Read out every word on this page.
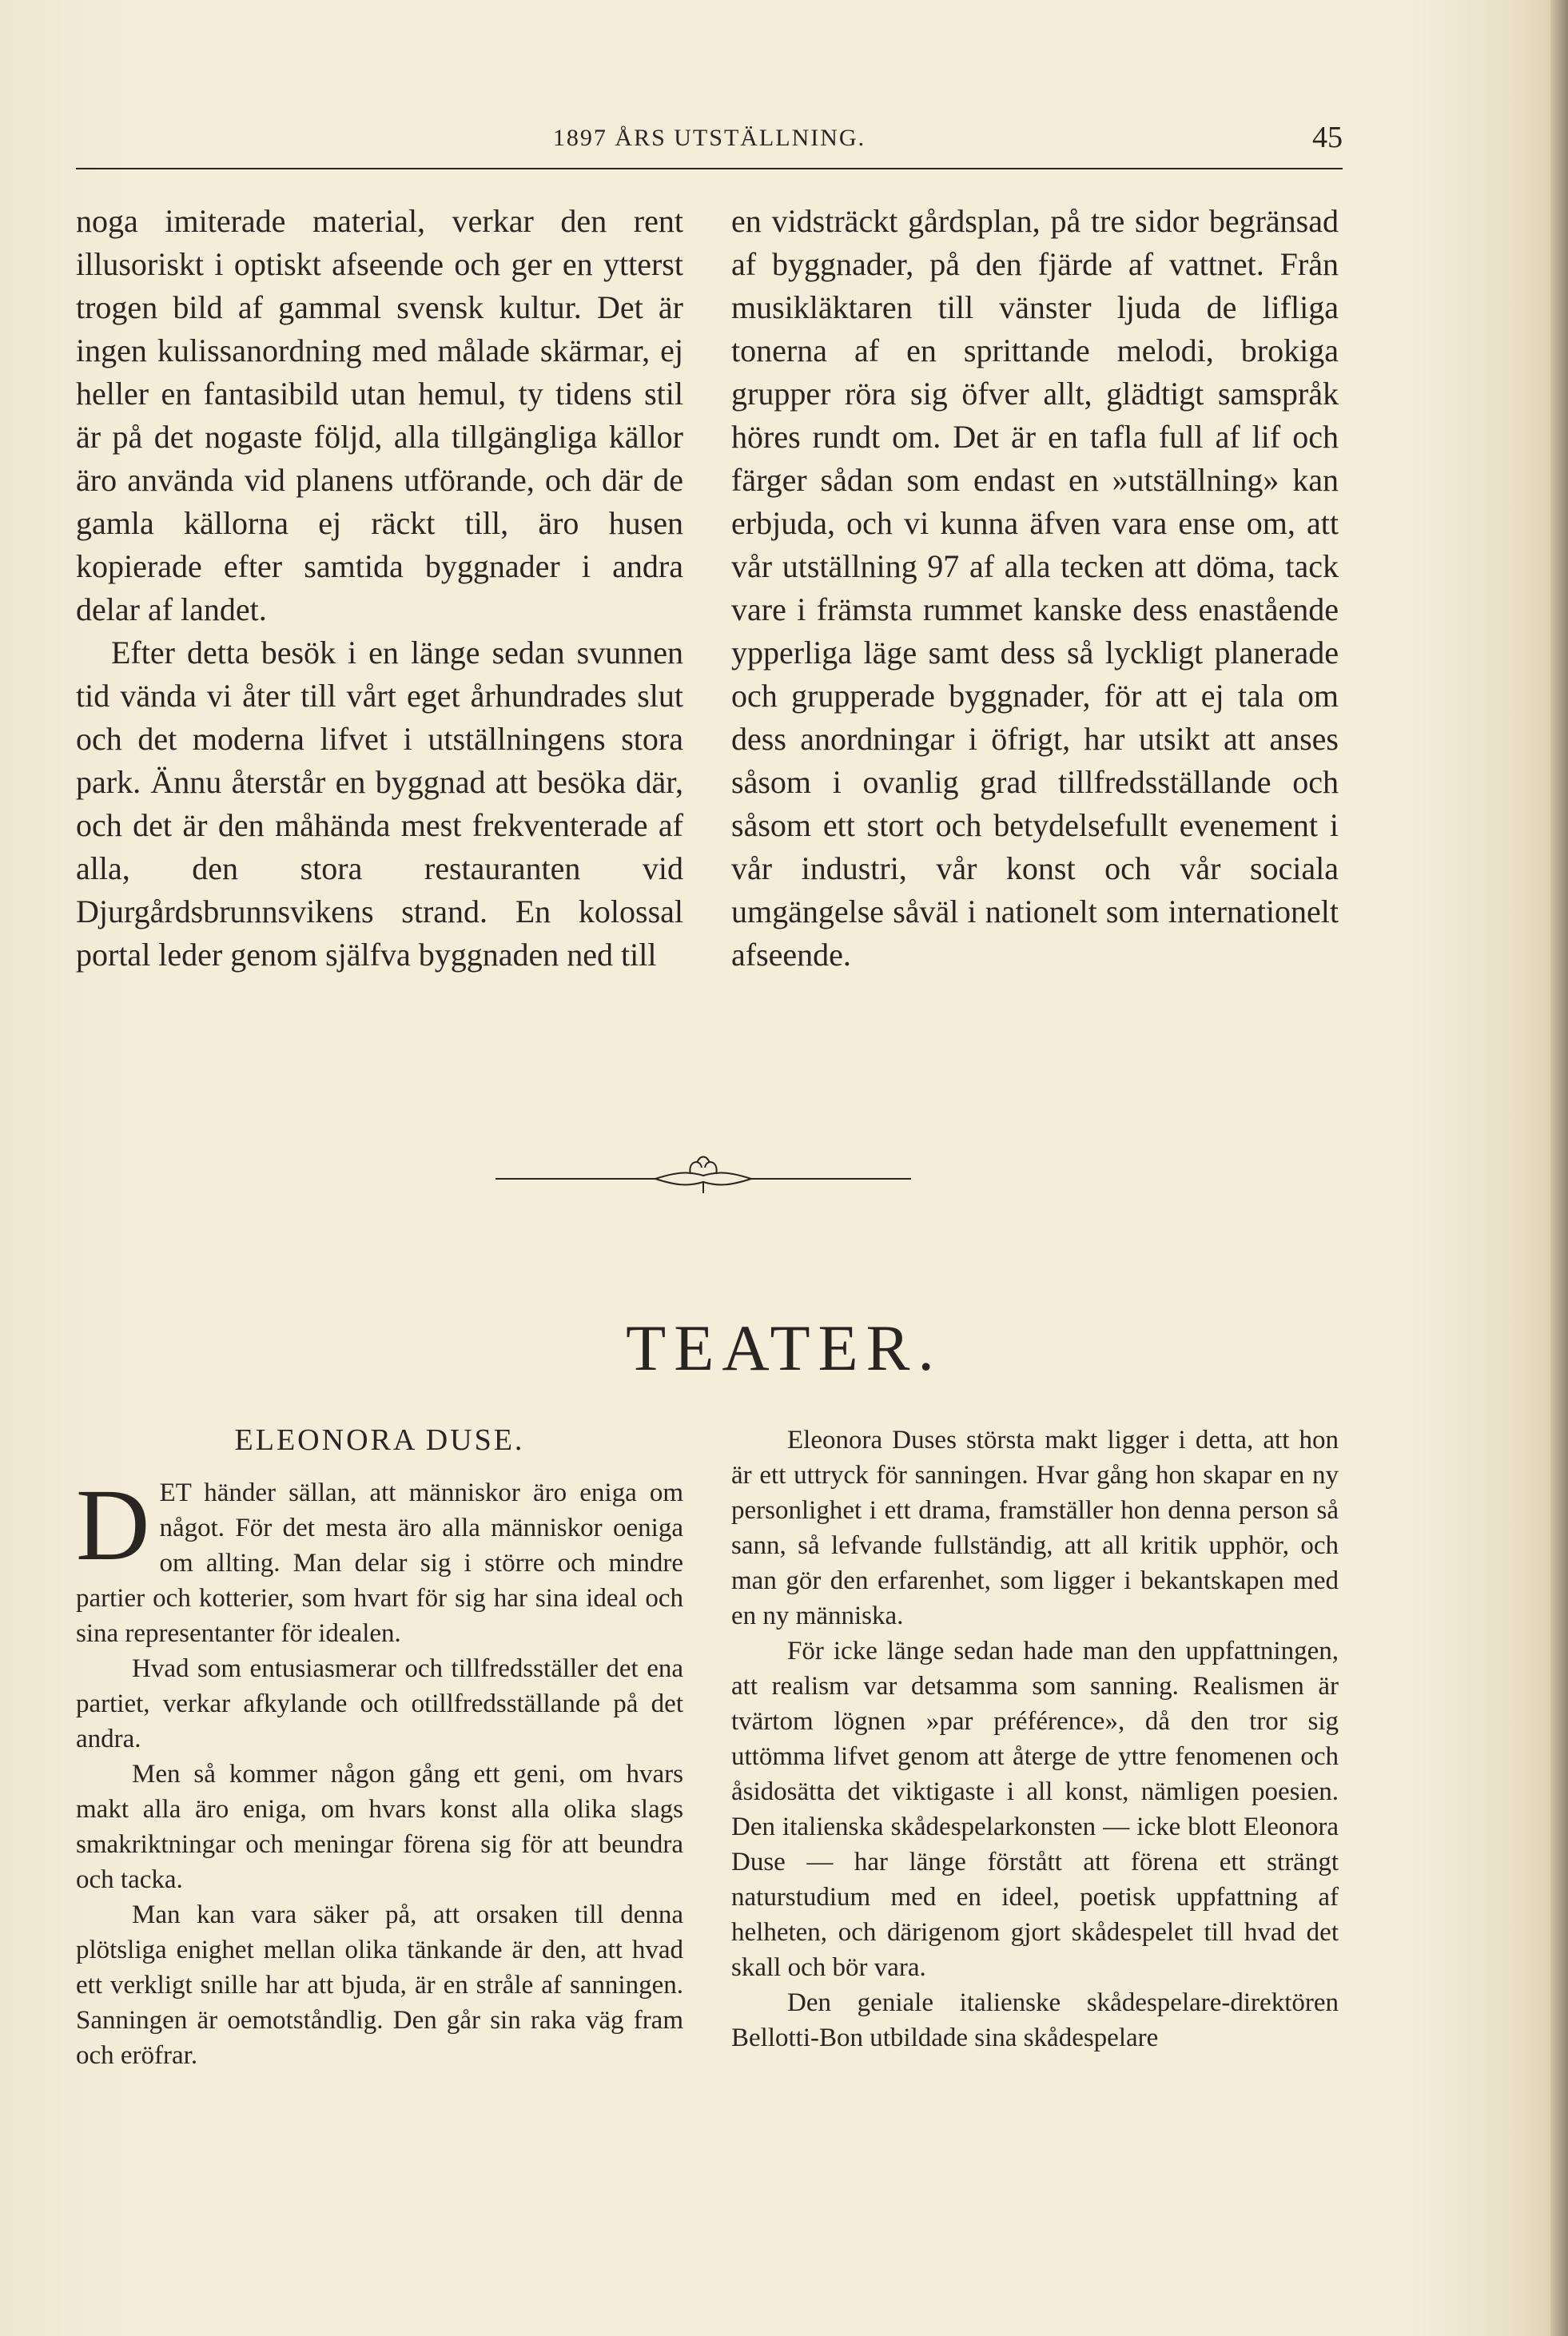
1897 ÅRS UTSTÄLLNING.	45

noga imiterade material, verkar den rent illusoriskt i optiskt afseende och ger en ytterst trogen bild af gammal svensk kultur. Det är ingen kulissanordning med målade skärmar, ej heller en fantasibild utan hemul, ty tidens stil är på det nogaste följd, alla tillgängliga källor äro använda vid planens utförande, och där de gamla källorna ej räckt till, äro husen kopierade efter samtida byggnader i andra delar af landet.

Efter detta besök i en länge sedan svunnen tid vända vi åter till vårt eget århundrades slut och det moderna lifvet i utställningens stora park. Ännu återstår en byggnad att besöka där, och det är den måhända mest frekventerade af alla, den stora restauranten vid Djurgårdsbrunnsvikens strand. En kolossal portal leder genom själfva byggnaden ned till

en vidsträckt gårdsplan, på tre sidor begränsad af byggnader, på den fjärde af vattnet. Från musikläktaren till vänster ljuda de lifliga tonerna af en sprittande melodi, brokiga grupper röra sig öfver allt, glädtigt samspråk höres rundt om. Det är en tafla full af lif och färger sådan som endast en »utställning» kan erbjuda, och vi kunna äfven vara ense om, att vår utställning 97 af alla tecken att döma, tack vare i främsta rummet kanske dess enastående ypperliga läge samt dess så lyckligt planerade och grupperade byggnader, för att ej tala om dess anordningar i öfrigt, har utsikt att anses såsom i ovanlig grad tillfredsställande och såsom ett stort och betydelsefullt evenement i vår industri, vår konst och vår sociala umgängelse såväl i nationelt som internationelt afseende.

TEATER.

ELEONORA DUSE.

DET händer sällan, att människor äro eniga om något. För det mesta äro alla människor oeniga om allting. Man delar sig i större och mindre partier och kotterier, som hvart för sig har sina ideal och sina representanter för idealen.

Hvad som entusiasmerar och tillfredsställer det ena partiet, verkar afkylande och otillfredsställande på det andra.

Men så kommer någon gång ett geni, om hvars makt alla äro eniga, om hvars konst alla olika slags smakriktningar och meningar förena sig för att beundra och tacka.

Man kan vara säker på, att orsaken till denna plötsliga enighet mellan olika tänkande är den, att hvad ett verkligt snille har att bjuda, är en stråle af sanningen. Sanningen är oemotståndlig. Den går sin raka väg fram och eröfrar.

Eleonora Duses största makt ligger i detta, att hon är ett uttryck för sanningen. Hvar gång hon skapar en ny personlighet i ett drama, framställer hon denna person så sann, så lefvande fullständig, att all kritik upphör, och man gör den erfarenhet, som ligger i bekantskapen med en ny människa.

För icke länge sedan hade man den uppfattningen, att realism var detsamma som sanning. Realismen är tvärtom lögnen »par préférence», då den tror sig uttömma lifvet genom att återge de yttre fenomenen och åsidosätta det viktigaste i all konst, nämligen poesien. Den italienska skådespelarkonsten — icke blott Eleonora Duse — har länge förstått att förena ett strängt naturstudium med en ideel, poetisk uppfattning af helheten, och därigenom gjort skådespelet till hvad det skall och bör vara.

Den geniale italienske skådespelare-direktören Bellotti-Bon utbildade sina skådespelare
